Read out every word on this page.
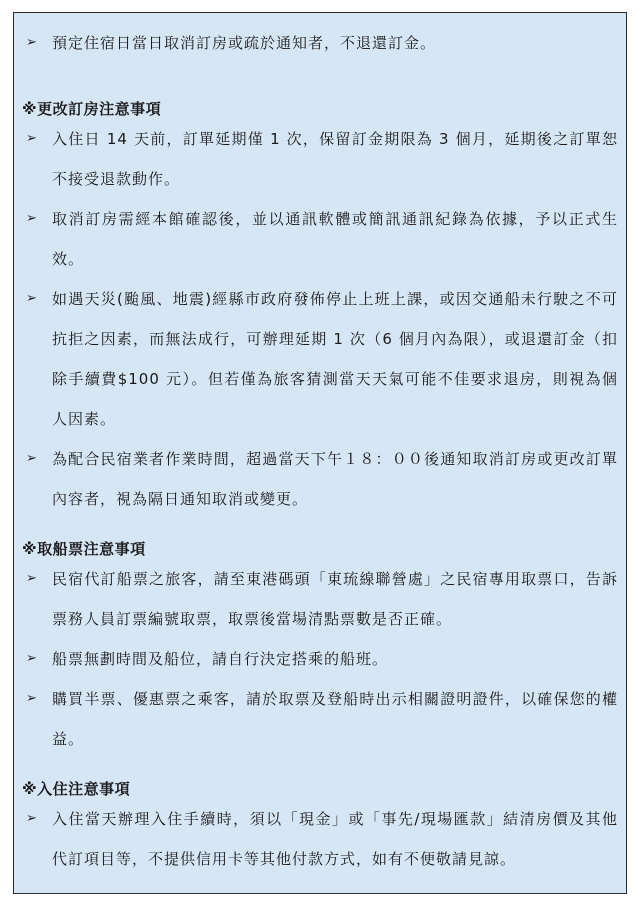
➢ 預定住宿日當日取消訂房或疏於通知者，不退還訂金。
※更改訂房注意事項
➢ 入住日 14 天前，訂單延期僅 1 次，保留訂金期限為 3 個月，延期後之訂單恕不接受退款動作。
➢ 取消訂房需經本館確認後，並以通訊軟體或簡訊通訊紀錄為依據，予以正式生效。
➢ 如遇天災(颱風、地震)經縣市政府發佈停止上班上課，或因交通船未行駛之不可抗拒之因素，而無法成行，可辦理延期 1 次（6 個月內為限），或退還訂金（扣除手續費$100 元）。但若僅為旅客猜測當天天氣可能不佳要求退房，則視為個人因素。
➢ 為配合民宿業者作業時間，超過當天下午１８：００後通知取消訂房或更改訂單內容者，視為隔日通知取消或變更。
※取船票注意事項
➢ 民宿代訂船票之旅客，請至東港碼頭「東琉線聯營處」之民宿專用取票口，告訴票務人員訂票編號取票，取票後當場清點票數是否正確。
➢ 船票無劃時間及船位，請自行決定搭乘的船班。
➢ 購買半票、優惠票之乘客，請於取票及登船時出示相關證明證件，以確保您的權益。
※入住注意事項
➢ 入住當天辦理入住手續時，須以「現金」或「事先/現場匯款」結清房價及其他代訂項目等，不提供信用卡等其他付款方式，如有不便敬請見諒。
